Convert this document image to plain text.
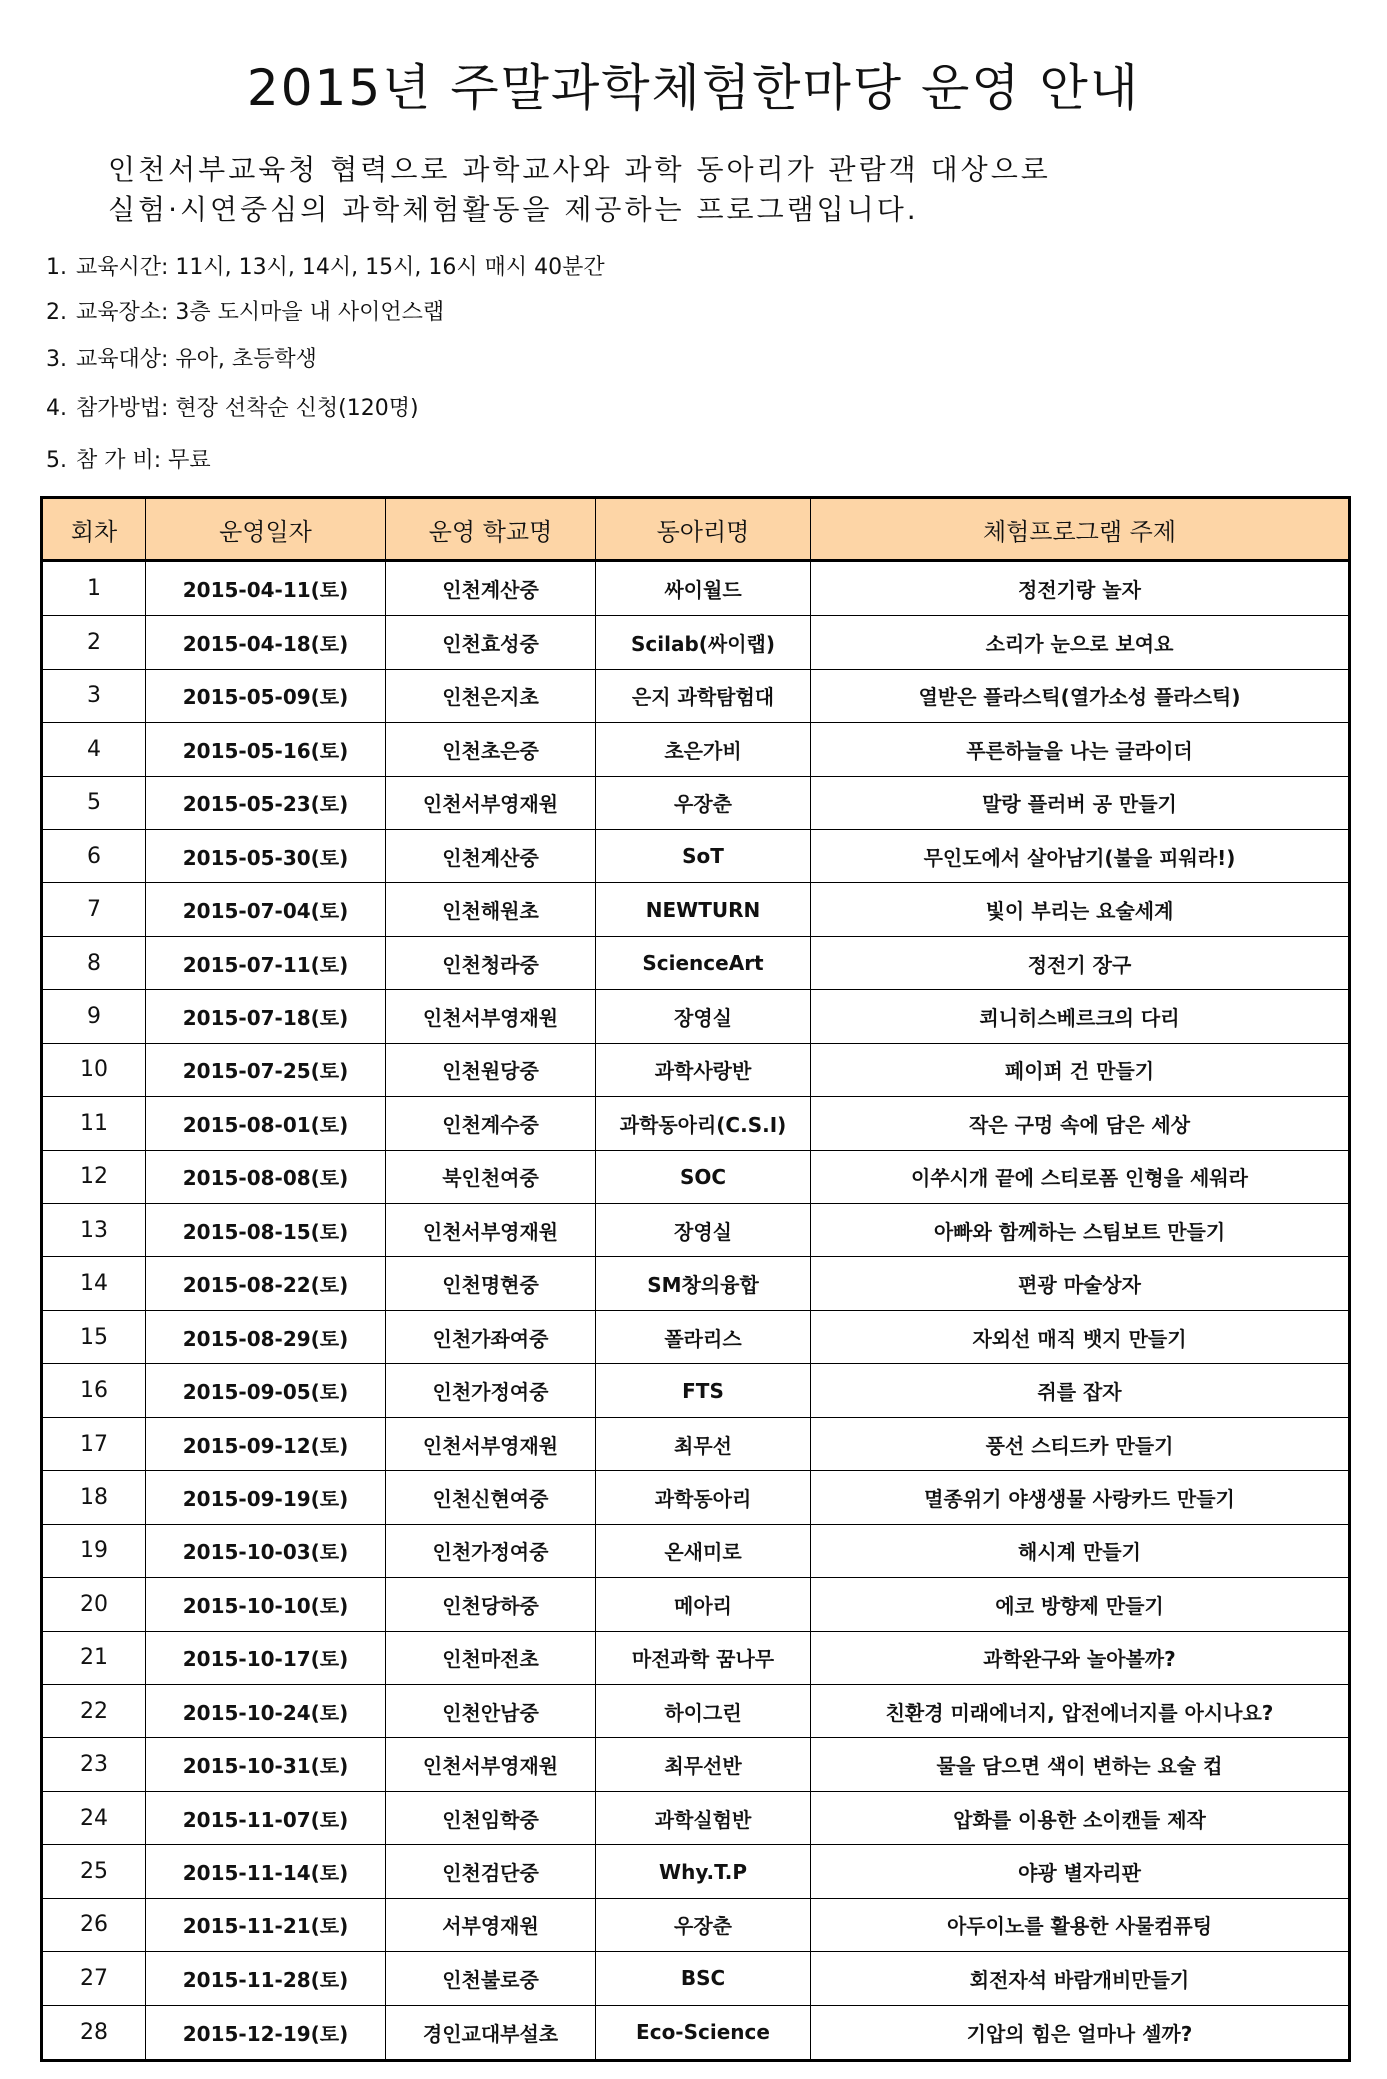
2015년 주말과학체험한마당 운영 안내
인천서부교육청 협력으로 과학교사와 과학 동아리가 관람객 대상으로
실험·시연중심의 과학체험활동을 제공하는 프로그램입니다.
1. 교육시간: 11시, 13시, 14시, 15시, 16시 매시 40분간
2. 교육장소: 3층 도시마을 내 사이언스랩
3. 교육대상: 유아, 초등학생
4. 참가방법: 현장 선착순 신청(120명)
5. 참 가 비: 무료
회차	운영일자	운영 학교명	동아리명	체험프로그램 주제
1	2015-04-11(토)	인천계산중	싸이월드	정전기랑 놀자
2	2015-04-18(토)	인천효성중	Scilab(싸이랩)	소리가 눈으로 보여요
3	2015-05-09(토)	인천은지초	은지 과학탐험대	열받은 플라스틱(열가소성 플라스틱)
4	2015-05-16(토)	인천초은중	초은가비	푸른하늘을 나는 글라이더
5	2015-05-23(토)	인천서부영재원	우장춘	말랑 플러버 공 만들기
6	2015-05-30(토)	인천계산중	SoT	무인도에서 살아남기(불을 피워라!)
7	2015-07-04(토)	인천해원초	NEWTURN	빛이 부리는 요술세계
8	2015-07-11(토)	인천청라중	ScienceArt	정전기 장구
9	2015-07-18(토)	인천서부영재원	장영실	쾨니히스베르크의 다리
10	2015-07-25(토)	인천원당중	과학사랑반	페이퍼 건 만들기
11	2015-08-01(토)	인천계수중	과학동아리(C.S.I)	작은 구멍 속에 담은 세상
12	2015-08-08(토)	북인천여중	SOC	이쑤시개 끝에 스티로폼 인형을 세워라
13	2015-08-15(토)	인천서부영재원	장영실	아빠와 함께하는 스팀보트 만들기
14	2015-08-22(토)	인천명현중	SM창의융합	편광 마술상자
15	2015-08-29(토)	인천가좌여중	폴라리스	자외선 매직 뱃지 만들기
16	2015-09-05(토)	인천가정여중	FTS	쥐를 잡자
17	2015-09-12(토)	인천서부영재원	최무선	풍선 스티드카 만들기
18	2015-09-19(토)	인천신현여중	과학동아리	멸종위기 야생생물 사랑카드 만들기
19	2015-10-03(토)	인천가정여중	온새미로	해시계 만들기
20	2015-10-10(토)	인천당하중	메아리	에코 방향제 만들기
21	2015-10-17(토)	인천마전초	마전과학 꿈나무	과학완구와 놀아볼까?
22	2015-10-24(토)	인천안남중	하이그린	친환경 미래에너지, 압전에너지를 아시나요?
23	2015-10-31(토)	인천서부영재원	최무선반	물을 담으면 색이 변하는 요술 컵
24	2015-11-07(토)	인천임학중	과학실험반	압화를 이용한 소이캔들 제작
25	2015-11-14(토)	인천검단중	Why.T.P	야광 별자리판
26	2015-11-21(토)	서부영재원	우장춘	아두이노를 활용한 사물컴퓨팅
27	2015-11-28(토)	인천불로중	BSC	회전자석 바람개비만들기
28	2015-12-19(토)	경인교대부설초	Eco-Science	기압의 힘은 얼마나 셀까?
